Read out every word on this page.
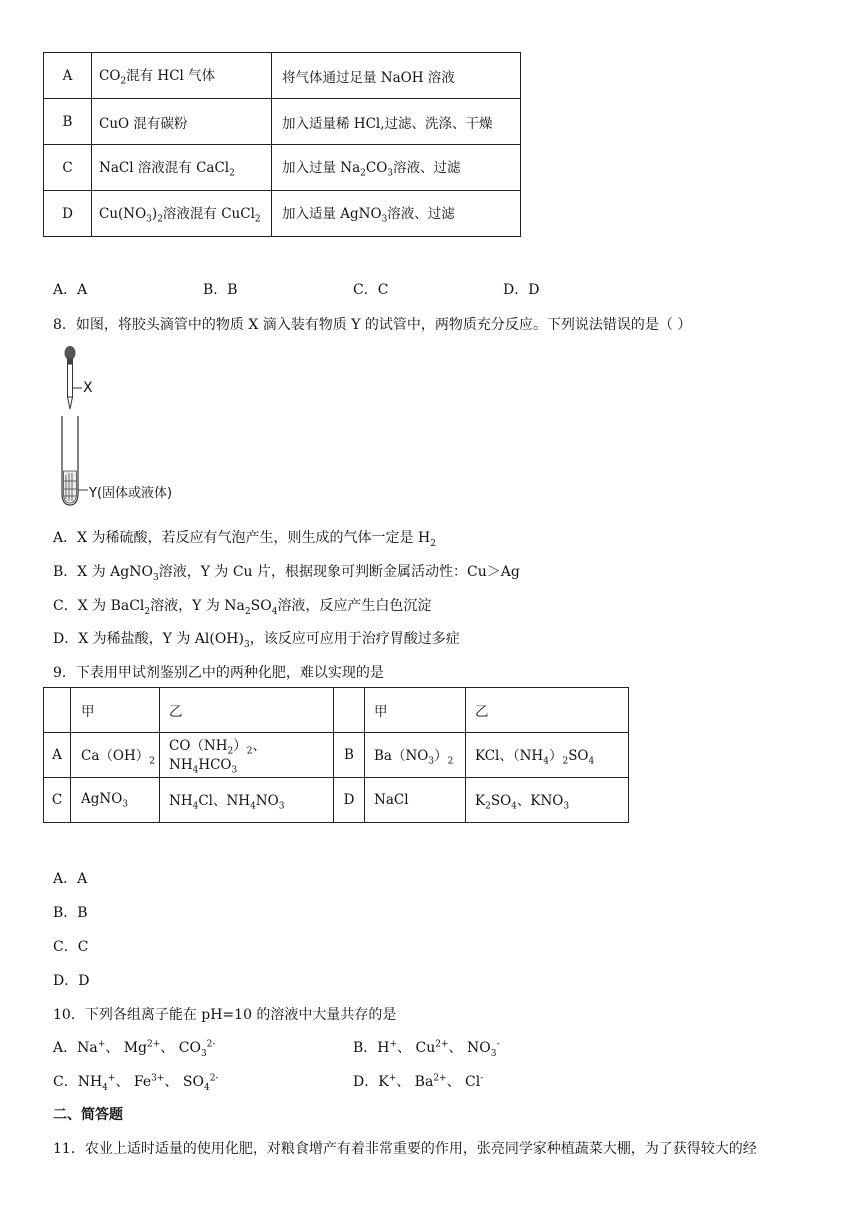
A	$CO_2$混有 HCl 气体	将气体通过足量 NaOH 溶液
B	CuO 混有碳粉	加入适量稀 HCl,过滤、洗涤、干燥
C	NaCl 溶液混有 CaCl$_2$	加入过量 $Na_2CO_3$溶液、过滤
D	$Cu(NO_3)_2$溶液混有 CuCl$_2$	加入适量 AgNO$_3$溶液、过滤
A．A	B．B	C．C	D．D
8．如图，将胶头滴管中的物质 X 滴入装有物质 Y 的试管中，两物质充分反应。下列说法错误的是（ ）
X
Y(固体或液体)
A．X 为稀硫酸，若反应有气泡产生，则生成的气体一定是 $H_2$
B．X 为 AgNO$_3$溶液，Y 为 Cu 片，根据现象可判断金属活动性：Cu＞Ag
C．X 为 BaCl$_2$溶液，Y 为 $Na_2SO_4$溶液，反应产生白色沉淀
D．X 为稀盐酸，Y 为 $Al(OH)_3$，该反应可应用于治疗胃酸过多症
9．下表用甲试剂鉴别乙中的两种化肥，难以实现的是
	甲	乙		甲	乙
A	$Ca(OH)_2$	$CO(NH_2)_2$、$NH_4HCO_3$	B	$Ba(NO_3)_2$	KCl、$(NH_4)_2SO_4$
C	AgNO$_3$	$NH_4Cl$、$NH_4NO_3$	D	NaCl	$K_2SO_4$、$KNO_3$
A．A
B．B
C．C
D．D
10．下列各组离子能在 pH=10 的溶液中大量共存的是
A．Na+、 $Mg^{2+}$、 $CO_3^{2-}$	B．H+、 $Cu^{2+}$、 $NO_3^-$
C．$NH_4^+$、 $Fe^{3+}$、 $SO_4^{2-}$	D．K+、 $Ba^{2+}$、 Cl-
二、简答题
11．农业上适时适量的使用化肥，对粮食增产有着非常重要的作用，张亮同学家种植蔬菜大棚，为了获得较大的经
